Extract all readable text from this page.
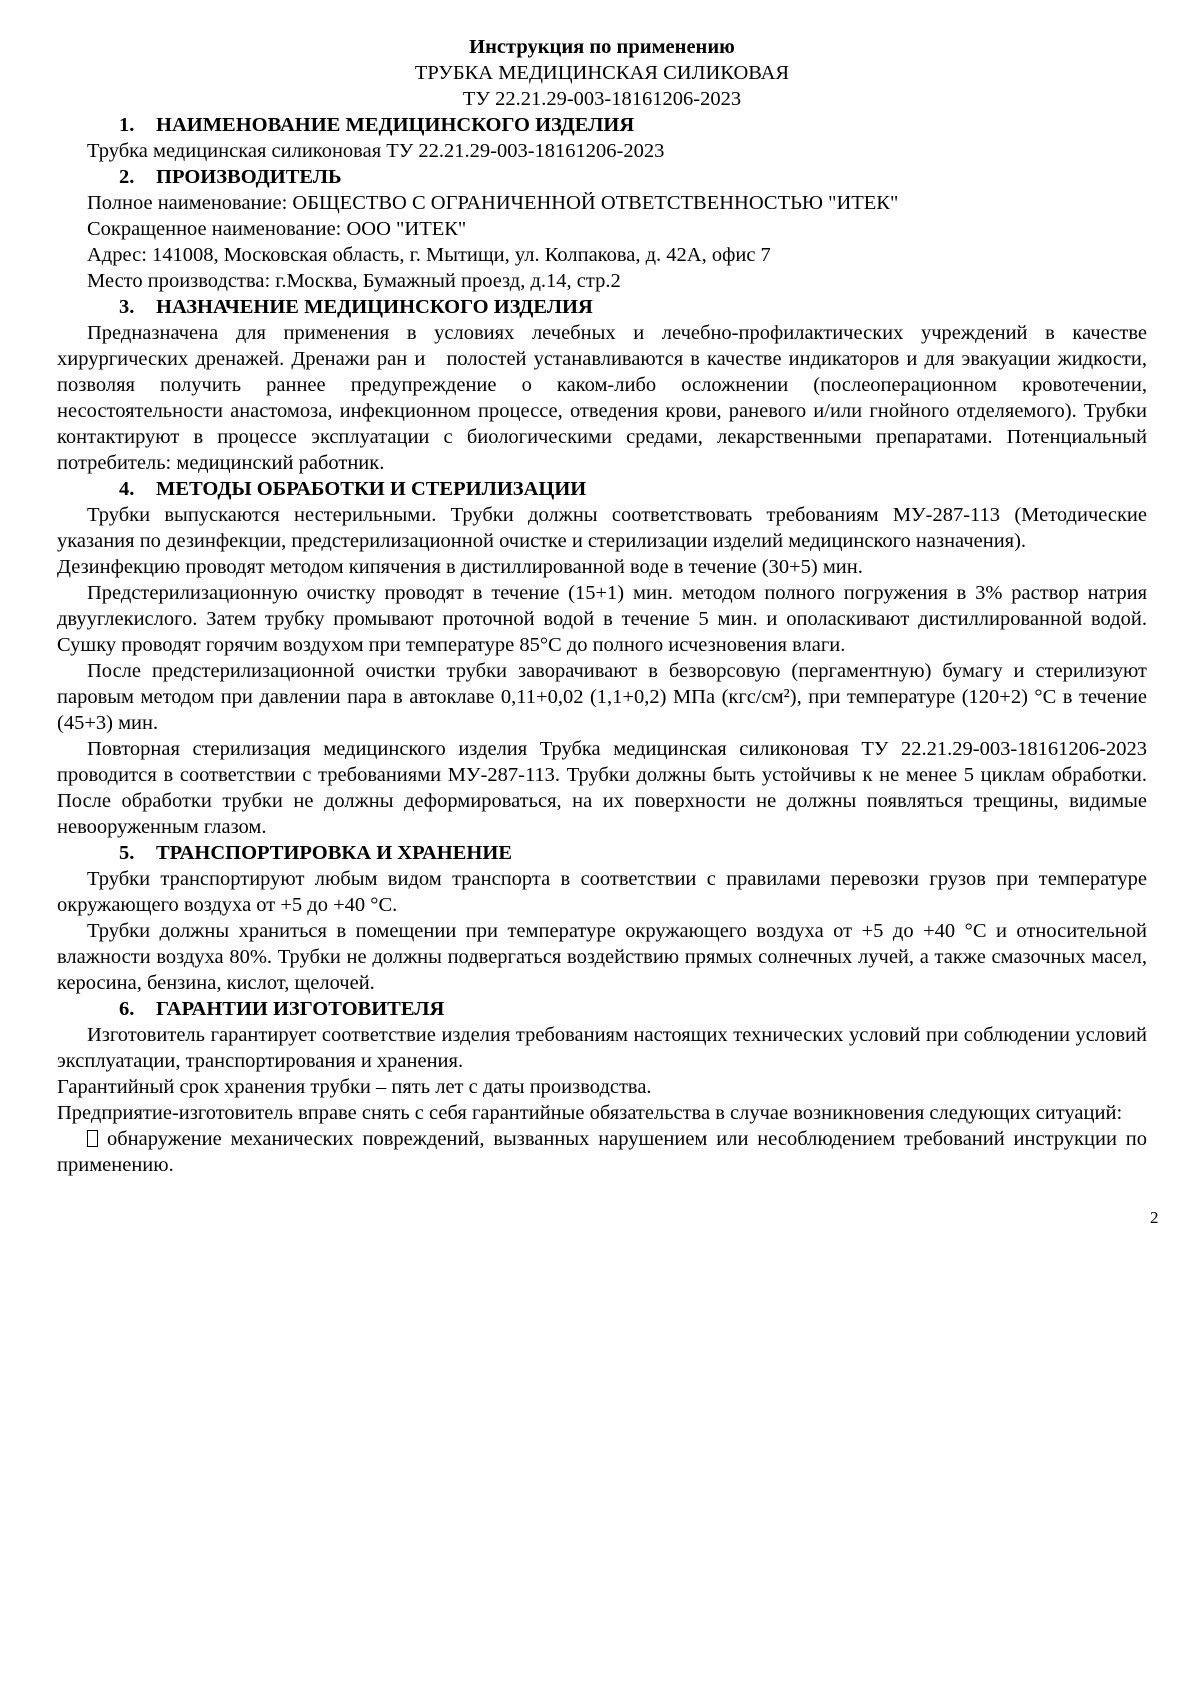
Инструкция по применению
ТРУБКА МЕДИЦИНСКАЯ СИЛИКОВАЯ
ТУ 22.21.29-003-18161206-2023
1. НАИМЕНОВАНИЕ МЕДИЦИНСКОГО ИЗДЕЛИЯ

Трубка медицинская силиконовая ТУ 22.21.29-003-18161206-2023

2. ПРОИЗВОДИТЕЛЬ

Полное наименование: ОБЩЕСТВО С ОГРАНИЧЕННОЙ ОТВЕТСТВЕННОСТЬЮ "ИТЕК"

Сокращенное наименование: ООО "ИТЕК"

Адрес: 141008, Московская область, г. Мытищи, ул. Колпакова, д. 42А, офис 7

Место производства: г.Москва, Бумажный проезд, д.14, стр.2

3. НАЗНАЧЕНИЕ МЕДИЦИНСКОГО ИЗДЕЛИЯ

Предназначена для применения в условиях лечебных и лечебно-профилактических учреждений в качестве хирургических дренажей. Дренажи ран и   полостей устанавливаются в качестве индикаторов и для эвакуации жидкости, позволяя получить раннее предупреждение о каком-либо осложнении (послеоперационном кровотечении, несостоятельности анастомоза, инфекционном процессе, отведения крови, раневого и/или гнойного отделяемого). Трубки контактируют в процессе эксплуатации с биологическими средами, лекарственными препаратами. Потенциальный потребитель: медицинский работник.

4. МЕТОДЫ ОБРАБОТКИ И СТЕРИЛИЗАЦИИ

Трубки выпускаются нестерильными. Трубки должны соответствовать требованиям МУ-287-113 (Методические указания по дезинфекции, предстерилизационной очистке и стерилизации изделий медицинского назначения).

Дезинфекцию проводят методом кипячения в дистиллированной воде в течение (30+5) мин.

Предстерилизационную очистку проводят в течение (15+1) мин. методом полного погружения в 3% раствор натрия двууглекислого. Затем трубку промывают проточной водой в течение 5 мин. и ополаскивают дистиллированной водой. Сушку проводят горячим воздухом при температуре 85°С до полного исчезновения влаги.

После предстерилизационной очистки трубки заворачивают в безворсовую (пергаментную) бумагу и стерилизуют паровым методом при давлении пара в автоклаве 0,11+0,02 (1,1+0,2) МПа (кгс/см²), при температуре (120+2) °С в течение (45+3) мин.

Повторная стерилизация медицинского изделия Трубка медицинская силиконовая ТУ 22.21.29-003-18161206-2023 проводится в соответствии с требованиями МУ-287-113. Трубки должны быть устойчивы к не менее 5 циклам обработки. После обработки трубки не должны деформироваться, на их поверхности не должны появляться трещины, видимые невооруженным глазом.

5. ТРАНСПОРТИРОВКА И ХРАНЕНИЕ

Трубки транспортируют любым видом транспорта в соответствии с правилами перевозки грузов при температуре окружающего воздуха от +5 до +40 °С.

Трубки должны храниться в помещении при температуре окружающего воздуха от +5 до +40 °С и относительной влажности воздуха 80%. Трубки не должны подвергаться воздействию прямых солнечных лучей, а также смазочных масел, керосина, бензина, кислот, щелочей.

6. ГАРАНТИИ ИЗГОТОВИТЕЛЯ

Изготовитель гарантирует соответствие изделия требованиям настоящих технических условий при соблюдении условий эксплуатации, транспортирования и хранения.

Гарантийный срок хранения трубки – пять лет с даты производства.

Предприятие-изготовитель вправе снять с себя гарантийные обязательства в случае возникновения следующих ситуаций:

обнаружение механических повреждений, вызванных нарушением или несоблюдением требований инструкции по применению.

2
